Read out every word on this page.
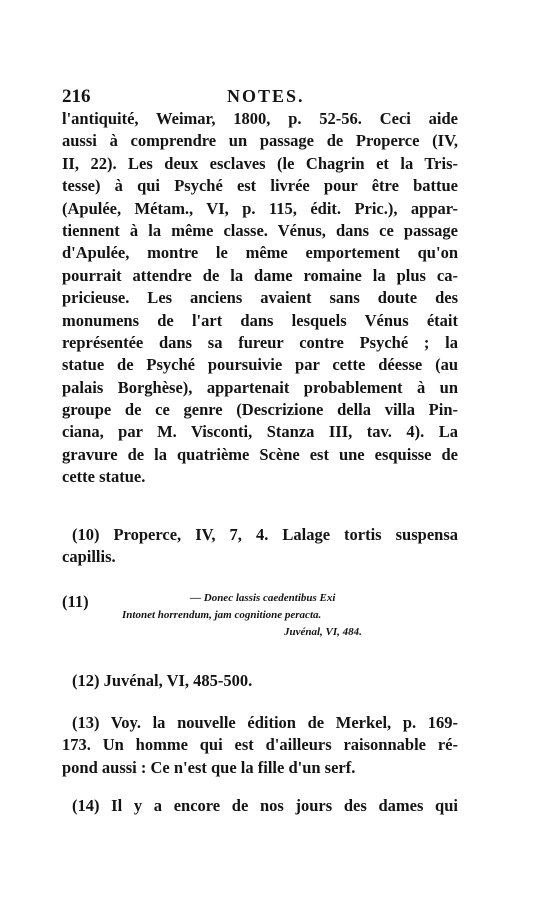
216	NOTES.
l'antiquité, Weimar, 1800, p. 52-56. Ceci aide
aussi à comprendre un passage de Properce (IV,
II, 22). Les deux esclaves (le Chagrin et la Tris-
tesse) à qui Psyché est livrée pour être battue
(Apulée, Métam., VI, p. 115, édit. Pric.), appar-
tiennent à la même classe. Vénus, dans ce passage
d'Apulée, montre le même emportement qu'on
pourrait attendre de la dame romaine la plus ca-
pricieuse. Les anciens avaient sans doute des
monumens de l'art dans lesquels Vénus était
représentée dans sa fureur contre Psyché ; la
statue de Psyché poursuivie par cette déesse (au
palais Borghèse), appartenait probablement à un
groupe de ce genre (Descrizione della villa Pin-
ciana, par M. Visconti, Stanza III, tav. 4). La
gravure de la quatrième Scène est une esquisse de
cette statue.
(10) Properce, IV, 7, 4. Lalage tortis suspensa
capillis.
(11)	— Donec lassis caedentibus Exi
Intonet horrendum, jam cognitione peracta.
Juvénal, VI, 484.
(12) Juvénal, VI, 485-500.
(13) Voy. la nouvelle édition de Merkel, p. 169-
173. Un homme qui est d'ailleurs raisonnable ré-
pond aussi : Ce n'est que la fille d'un serf.
(14) Il y a encore de nos jours des dames qui
